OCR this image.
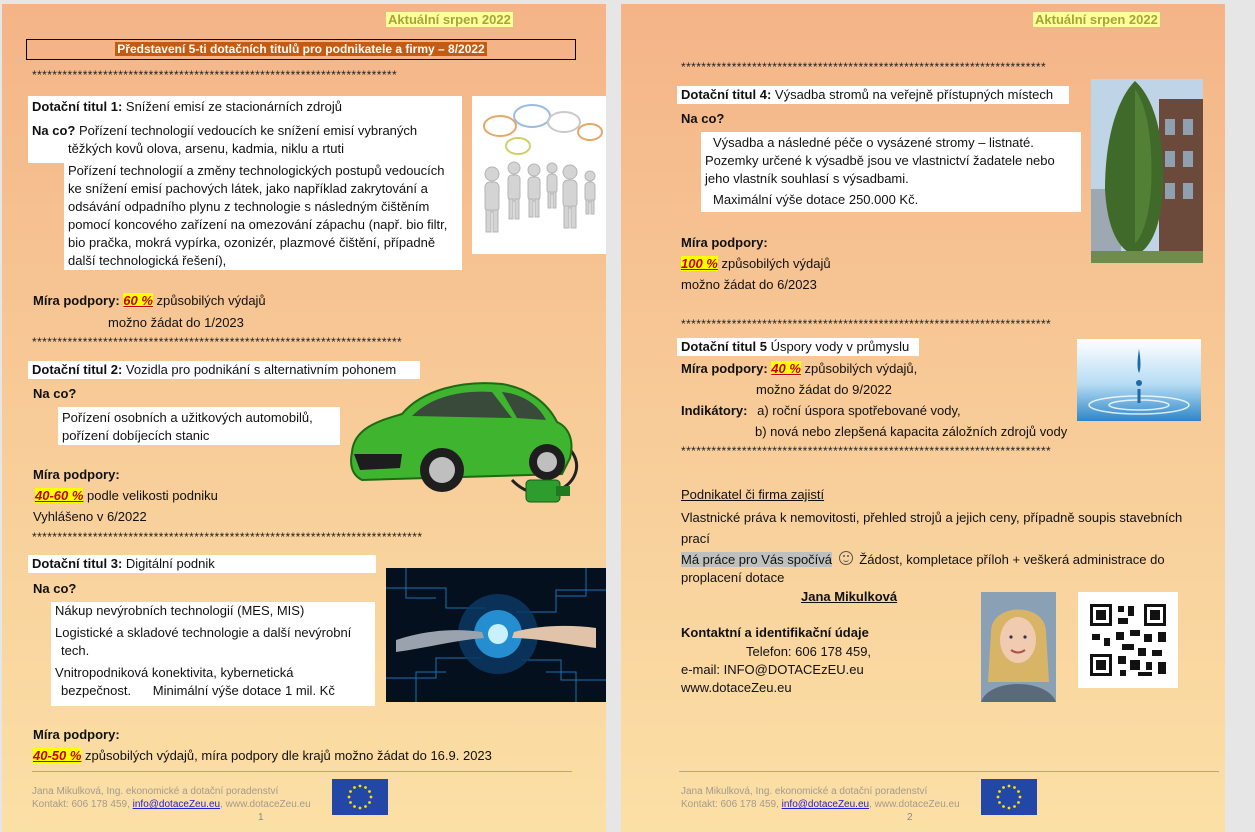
Aktuální srpen 2022
Představení 5-ti dotačních titulů pro podnikatele a firmy – 8/2022
************************************************************************
Dotační titul 1: Snížení emisí ze stacionárních zdrojů
Na co? Pořízení technologií vedoucích ke snížení emisí vybraných
těžkých kovů olova, arsenu, kadmia, niklu a rtuti
Pořízení technologií a změny technologických postupů vedoucích ke snížení emisí pachových látek, jako například zakrytování a odsávání odpadního plynu z technologie s následným čištěním pomocí koncového zařízení na omezování zápachu (např. bio filtr, bio pračka, mokrá vypírka, ozonizér, plazmové čištění, případně další technologická řešení),
Míra podpory: 60 % způsobilých výdajů
možno žádat do 1/2023
*************************************************************************
Dotační titul 2: Vozidla pro podnikání s alternativním pohonem
Na co?
Pořízení osobních a užitkových automobilů,
pořízení dobíjecích stanic
Míra podpory:
40-60 % podle velikosti podniku
Vyhlášeno v 6/2022
*****************************************************************************
Dotační titul 3: Digitální podnik
Na co?
Nákup nevýrobních technologií (MES, MIS)
Logistické a skladové technologie a další nevýrobní
tech.
Vnitropodniková konektivita, kybernetická
bezpečnost.      Minimální výše dotace 1 mil. Kč
Míra podpory:
40-50 % způsobilých výdajů, míra podpory dle krajů možno žádat do 16.9. 2023
Jana Mikulková, Ing. ekonomické a dotační poradenství
Kontakt: 606 178 459, info@dotaceZeu.eu, www.dotaceZeu.eu
1
Aktuální srpen 2022
************************************************************************
Dotační titul 4: Výsadba stromů na veřejně přístupných místech
Na co?
Výsadba a následné péče o vysázené stromy – listnaté. Pozemky určené k výsadbě jsou ve vlastnictví žadatele nebo jeho vlastník souhlasí s výsadbami.
Maximální výše dotace 250.000 Kč.
Míra podpory:
100 % způsobilých výdajů
možno žádat do 6/2023
*************************************************************************
Dotační titul 5 Úspory vody v průmyslu
Míra podpory: 40 % způsobilých výdajů,
možno žádat do 9/2022
Indikátory: a) roční úspora spotřebované vody,
b) nová nebo zlepšená kapacita záložních zdrojů vody
*************************************************************************
Podnikatel či firma zajistí
Vlastnické práva k nemovitosti, přehled strojů a jejich ceny, případně soupis stavebních prací
Má práce pro Vás spočívá
Žádost, kompletace příloh + veškerá administrace do proplacení dotace
Jana Mikulková
Kontaktní a identifikační údaje
Telefon: 606 178 459,
e-mail: INFO@DOTACEzEU.eu
www.dotaceZeu.eu
Jana Mikulková, Ing. ekonomické a dotační poradenství
Kontakt: 606 178 459, info@dotaceZeu.eu, www.dotaceZeu.eu
2
